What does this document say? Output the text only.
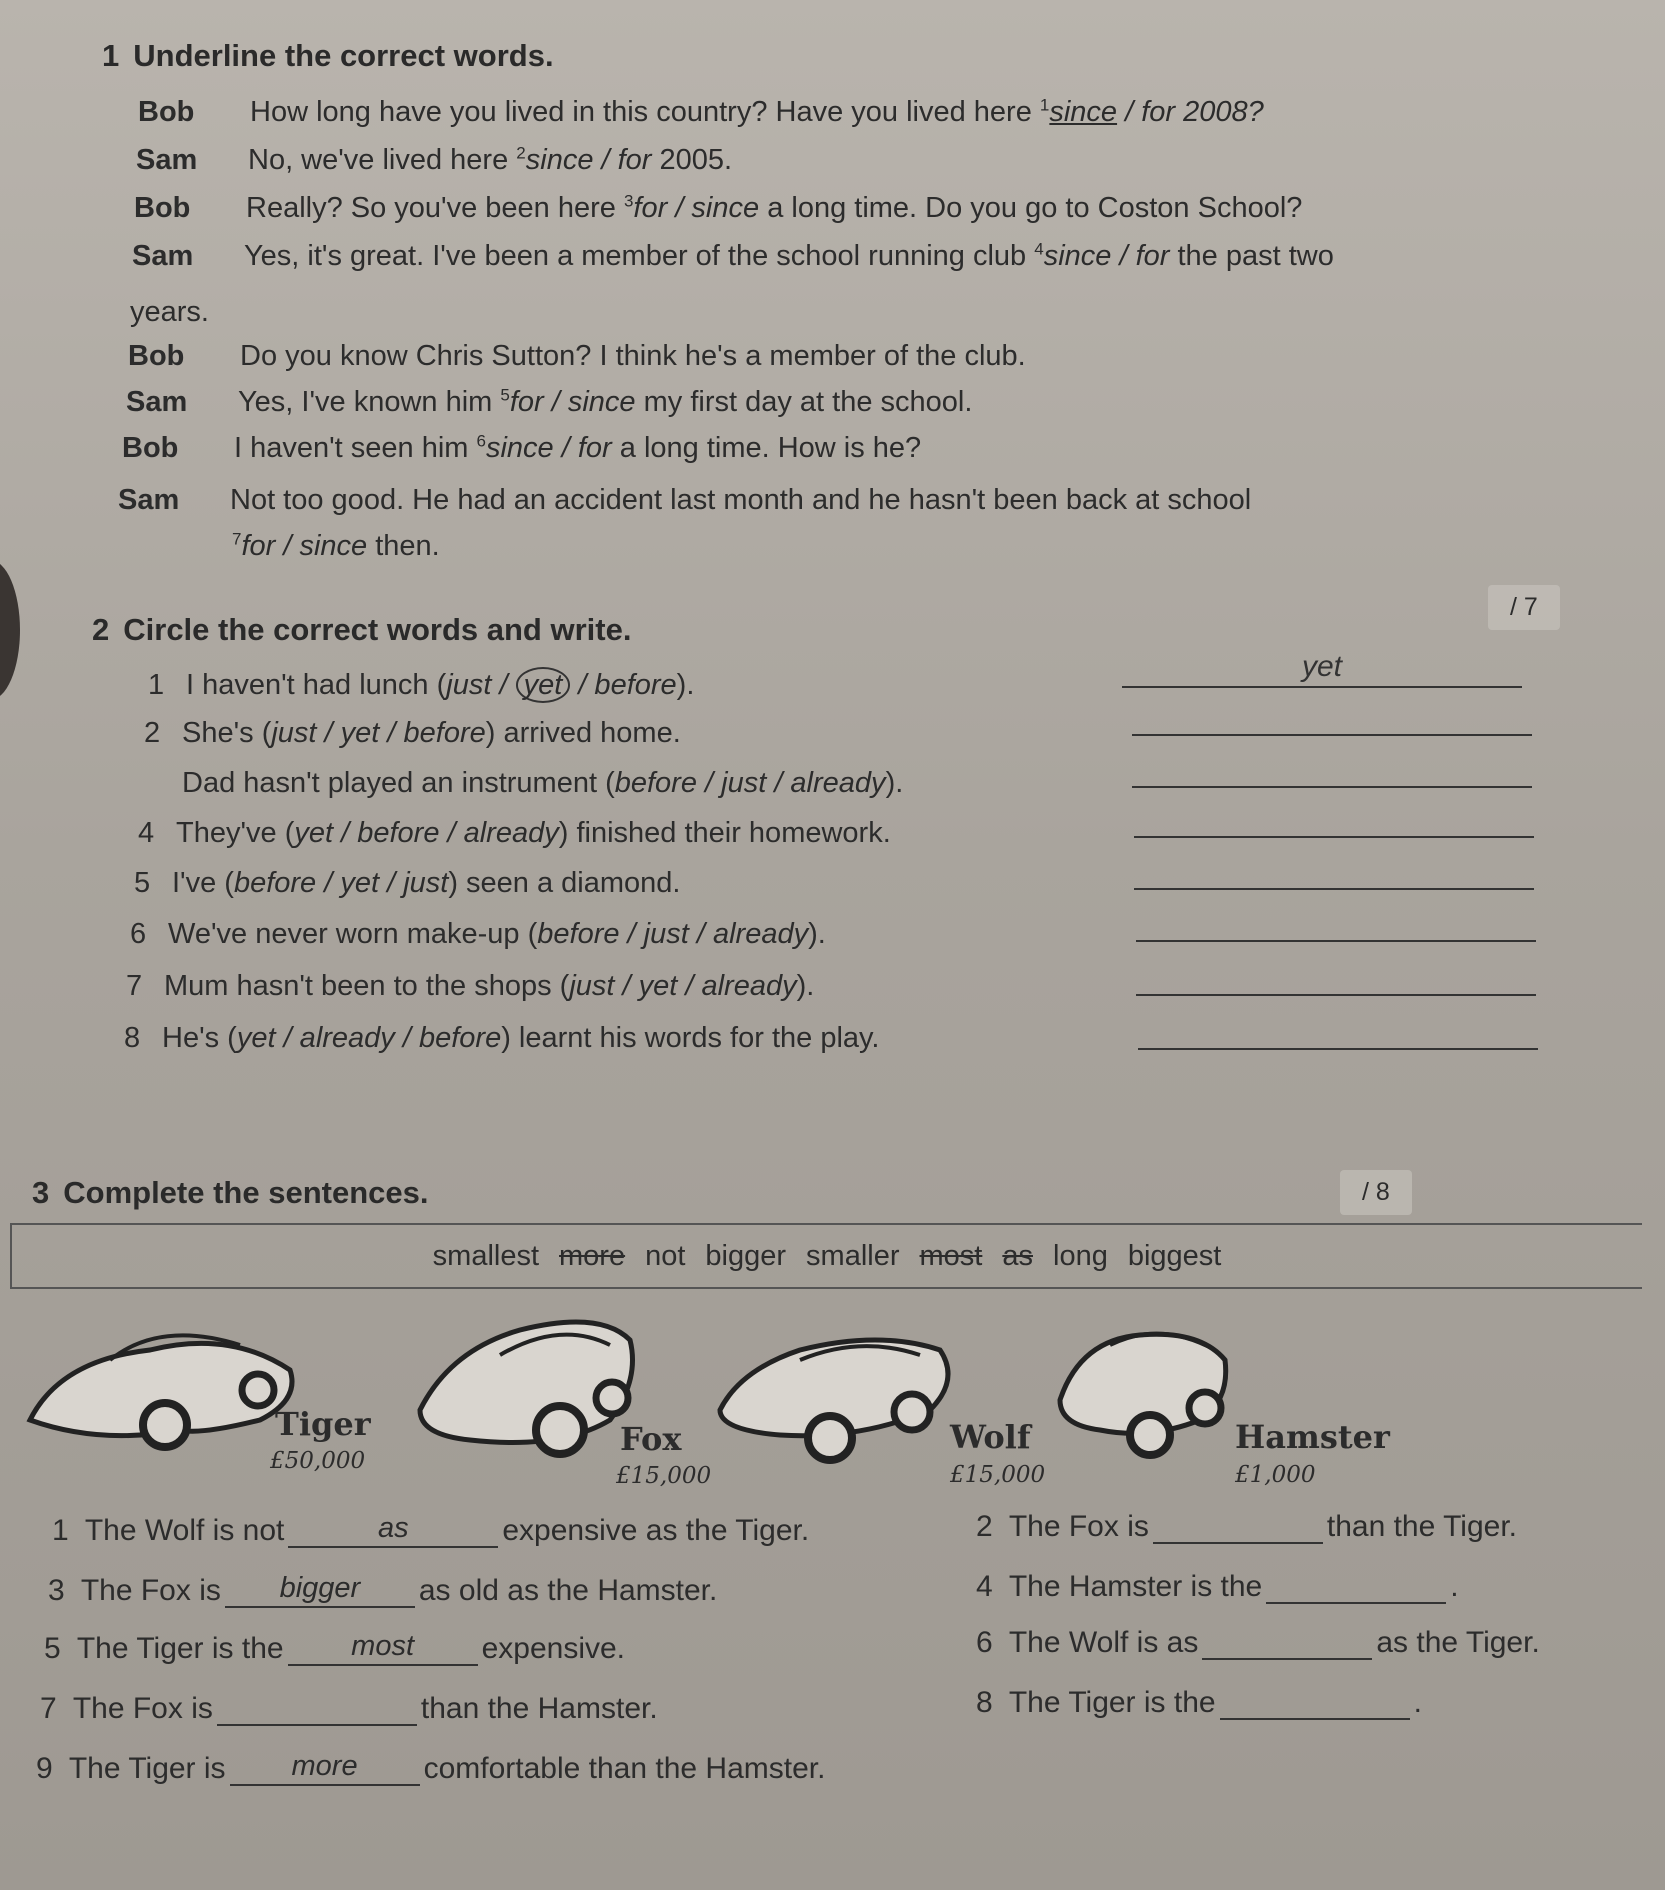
1 Underline the correct words.
Bob How long have you lived in this country? Have you lived here $^1$since / for 2008?
Sam No, we've lived here $^2$since / for 2005.
Bob Really? So you've been here $^3$for / since a long time. Do you go to Coston School?
Sam Yes, it's great. I've been a member of the school running club $^4$since / for the past two
years.
Bob Do you know Chris Sutton? I think he's a member of the club.
Sam Yes, I've known him $^5$for / since my first day at the school.
Bob I haven't seen him $^6$since / for a long time. How is he?
Sam Not too good. He had an accident last month and he hasn't been back at school
$^7$for / since then.
/ 7
2 Circle the correct words and write.
1 I haven't had lunch (just / yet / before).
yet
2 She's (just / yet / before) arrived home.
Dad hasn't played an instrument (before / just / already).
4 They've (yet / before / already) finished their homework.
5 I've (before / yet / just) seen a diamond.
6 We've never worn make-up (before / just / already).
7 Mum hasn't been to the shops (just / yet / already).
8 He's (yet / already / before) learnt his words for the play.
3 Complete the sentences.	/ 8
smallest more not bigger smaller most as long biggest
Tiger
£50,000
Fox
£15,000
Wolf
£15,000
Hamster
£1,000
1 The Wolf is not	as	expensive as the Tiger.	2 The Fox is	than the Tiger.
3 The Fox is bigger as old as the Hamster.	4 The Hamster is the	.
5 The Tiger is the most expensive.	6 The Wolf is as	as the Tiger.
7 The Fox is	than the Hamster.	8 The Tiger is the	.
9 The Tiger is more comfortable than the Hamster.
